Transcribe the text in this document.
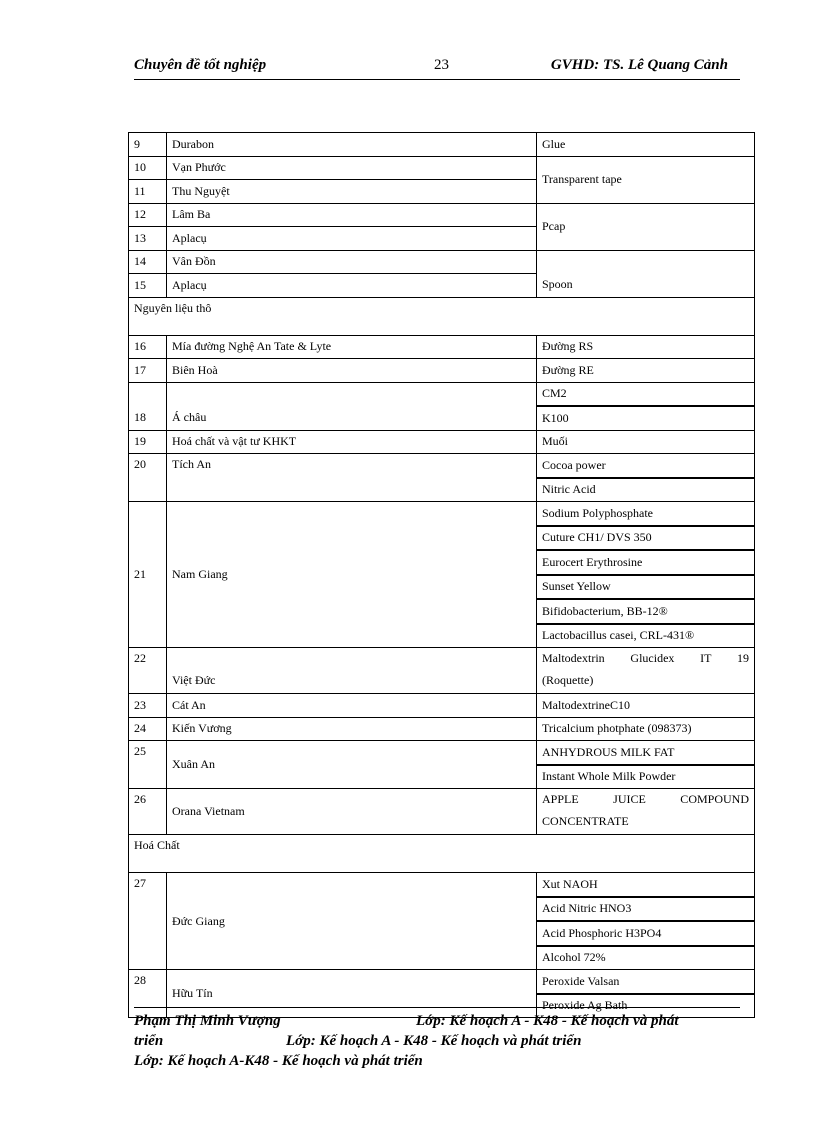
Chuyên đề tốt nghiệp	23	GVHD: TS. Lê Quang Cảnh
9	Durabon	Glue
10	Vạn Phước	Transparent tape
11	Thu Nguyệt	
12	Lâm Ba	Pcap
13	Aplacụ	
14	Vân Đồn	Spoon
15	Aplacụ	
Nguyên liệu thô		
16	Mía đường Nghệ An Tate & Lyte	Đường RS
17	Biên Hoà	Đường RE
18	Á châu	CM2
		K100
19	Hoá chất và vật tư KHKT	Muối
20	Tích An	Cocoa power
		Nitric Acid
21	Nam Giang	Sodium Polyphosphate
		Cuture CH1/ DVS 350
		Eurocert Erythrosine
		Sunset Yellow
		Bifidobacterium, BB-12®
		Lactobacillus casei, CRL-431®
22	Việt Đức	Maltodextrin Glucidex IT 19
(Roquette)

23	Cát An	MaltodextrineC10
24	Kiến Vương	Tricalcium photphate (098373)
25	Xuân An	ANHYDROUS MILK FAT
		Instant Whole Milk Powder
26	Orana Vietnam	APPLE JUICE COMPOUND
CONCENTRATE

Hoá Chất		
27	Đức Giang	Xut NAOH
		Acid Nitric HNO3
		Acid Phosphoric H3PO4
		Alcohol 72%
28	Hữu Tín	Peroxide Valsan
		Peroxide Ag Bath
Phạm Thị Minh Vượng	Lớp: Kế hoạch A - K48 - Kế hoạch và phát
triển	Lớp: Kế hoạch A - K48 - Kế hoạch và phát triển
Lớp: Kế hoạch A-K48 - Kế hoạch và phát triển
